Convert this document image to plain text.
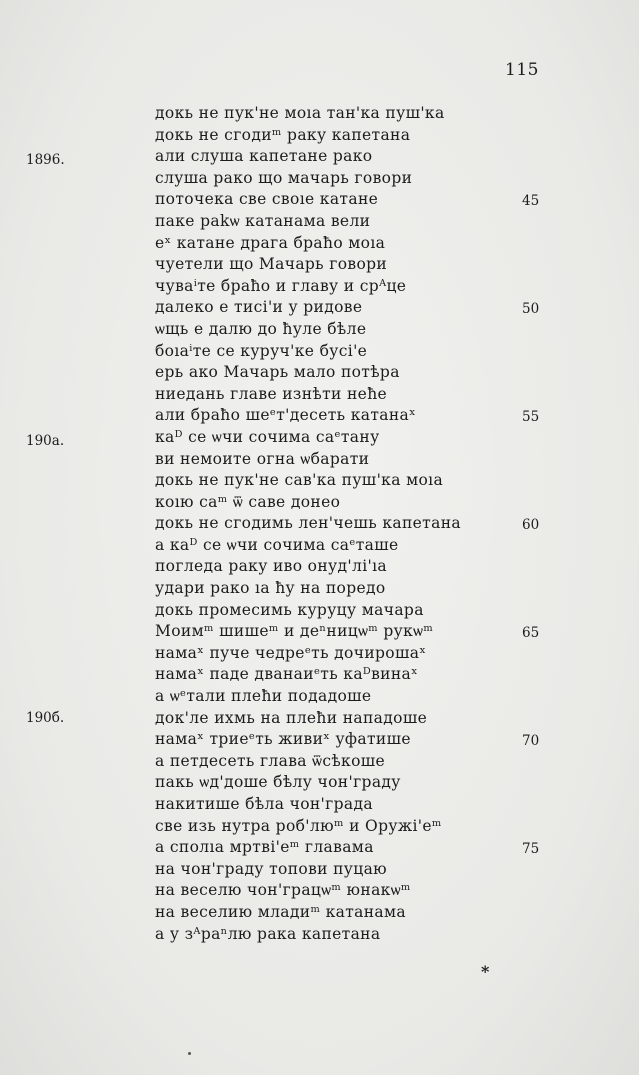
115
докь не пук'не моıа тан'ка пуш'ка
докь не сгодиᵐ раку капетана
али слуша капетане рако
слуша рако що мачарь говори
поточека све своıе катане
паке раkѡ катанама вели
еˣ катане драга браħо моıа
чуетели що Мачарь говори
чуваⁱте браħо и главу и срᴬце
далеко е тисі'и у ридове
ѡщь е далю до ħуле бѣле
боıаⁱте се куруч'ке бусі'е
ерь ако Мачарь мало потѣра
ниедань главе изнѣти неħе
али браħо шеᵉт'десеть катанаˣ
каᴰ се ѡчи сочима саᵉтану
ви немоите огна ѡбарати
докь не пук'не сав'ка пуш'ка моıа
коıю саᵐ ѿ саве донео
докь не сгодимь лен'чешь капетана
а каᴰ се ѡчи сочима саᵉташе
погледа раку иво онуд'лі'ıа
удари рако ıа ħу на поредо
докь промесимь куруцу мачара
Моимᵐ шишеᵐ и деⁿницѡᵐ рукѡᵐ
намаˣ пуче чедреᵉть дочирошаˣ
намаˣ паде дванаиᵉть каᴰвинаˣ
а ѡᵉтали плеħи подадоше
док'ле ихмь на плеħи нападоше
намаˣ триеᵉть живиˣ уфатише
а петдесеть глава ѿсѣкоше
пакь ѡд'доше бѣлу чон'граду
накитише бѣла чон'града
све изь нутра роб'люᵐ и Оружі'еᵐ
а сполıа мртві'еᵐ главама
на чон'граду топови пуцаю
на веселю чон'грацѡᵐ юнакѡᵐ
на веселию младиᵐ катанама
а у зᴬраⁿлю рака капетана
1896.
190a.
190б.
45
50
55
60
65
70
75
*
